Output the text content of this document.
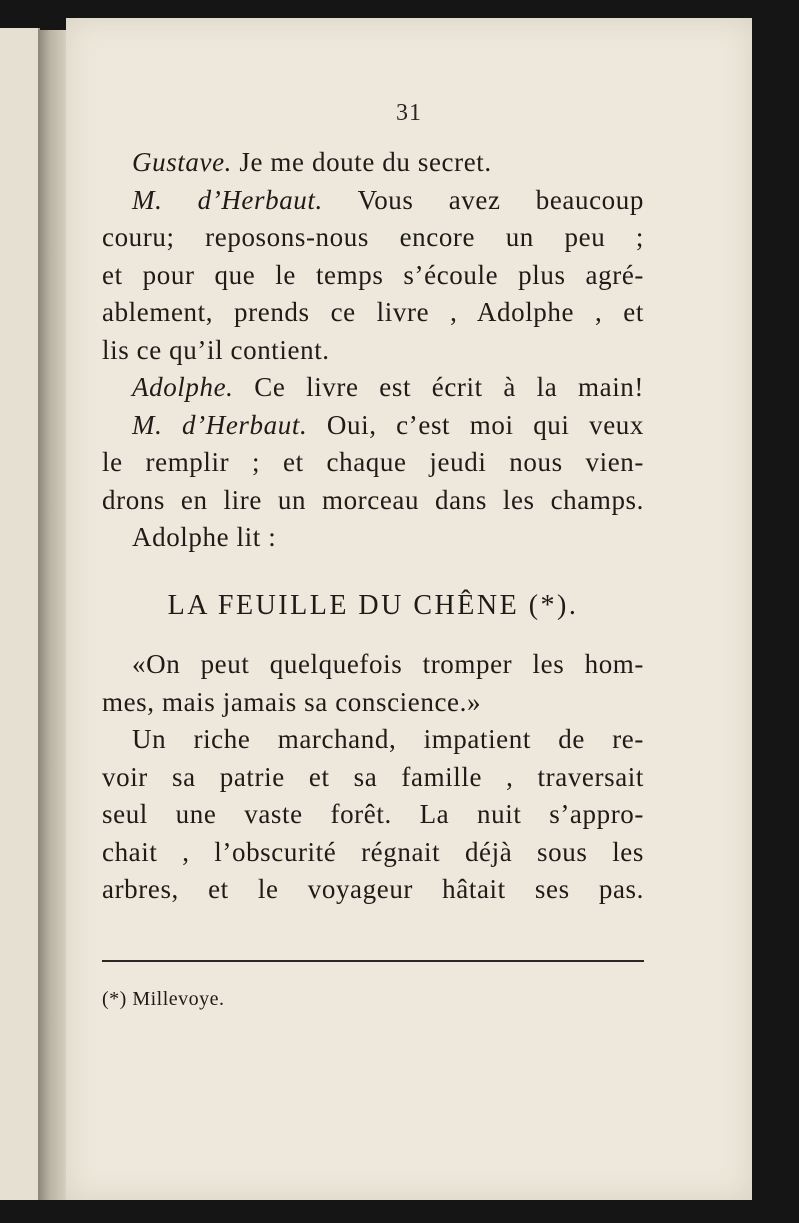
31
Gustave. Je me doute du secret.
M. d’Herbaut. Vous avez beaucoup
couru; reposons-nous encore un peu ;
et pour que le temps s’écoule plus agré-
ablement, prends ce livre , Adolphe , et
lis ce qu’il contient.
Adolphe. Ce livre est écrit à la main!
M. d’Herbaut. Oui, c’est moi qui veux
le remplir ; et chaque jeudi nous vien-
drons en lire un morceau dans les champs.
Adolphe lit :
LA FEUILLE DU CHÊNE (*).
«On peut quelquefois tromper les hom-
mes, mais jamais sa conscience.»
Un riche marchand, impatient de re-
voir sa patrie et sa famille , traversait
seul une vaste forêt. La nuit s’appro-
chait , l’obscurité régnait déjà sous les
arbres, et le voyageur hâtait ses pas.
(*) Millevoye.
